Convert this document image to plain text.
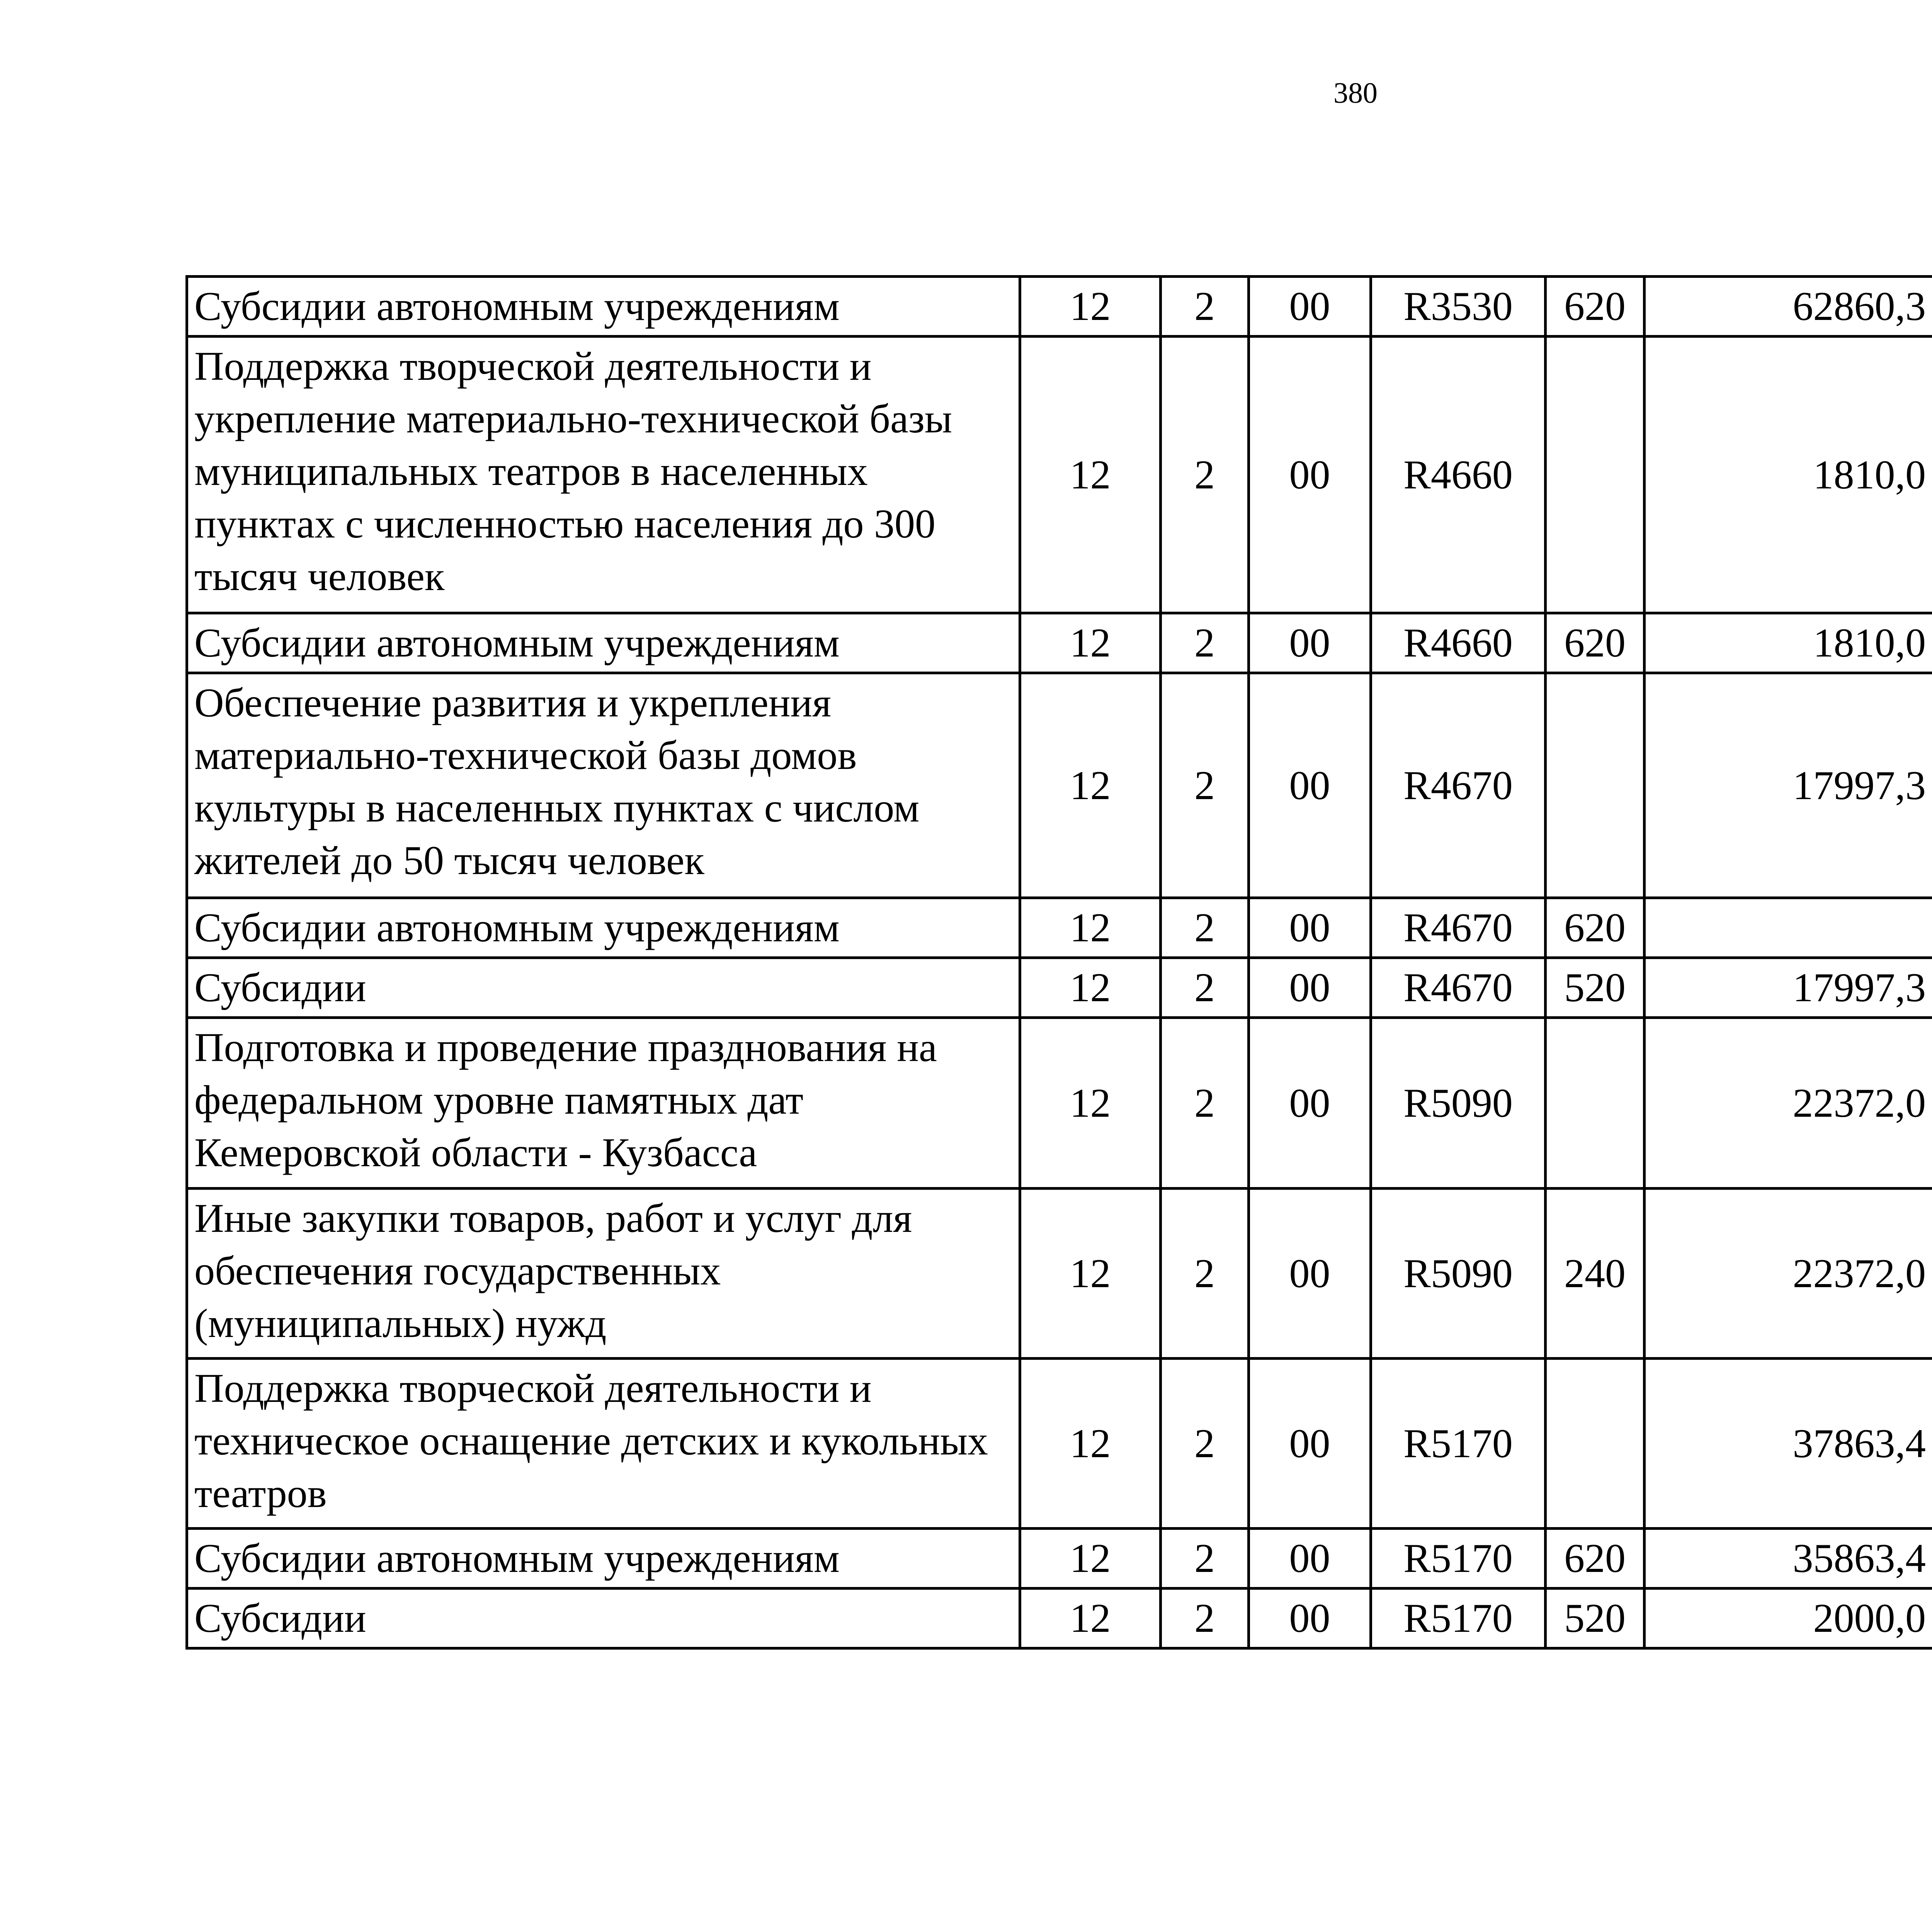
380
Субсидии автономным учреждениям	12	2	00	R3530	620	62860,3		
Поддержка творческой деятельности и укрепление материально-технической базы муниципальных театров в населенных пунктах с численностью населения до 300 тысяч человек	12	2	00	R4660		1810,0		
Субсидии автономным учреждениям	12	2	00	R4660	620	1810,0		
Обеспечение развития и укрепления материально-технической базы домов культуры в населенных пунктах с числом жителей до 50 тысяч человек	12	2	00	R4670		17997,3		
Субсидии автономным учреждениям	12	2	00	R4670	620			
Субсидии	12	2	00	R4670	520	17997,3		
Подготовка и проведение празднования на федеральном уровне памятных дат Кемеровской области - Кузбасса	12	2	00	R5090		22372,0		
Иные закупки товаров, работ и услуг для обеспечения государственных (муниципальных) нужд	12	2	00	R5090	240	22372,0		
Поддержка творческой деятельности и техническое оснащение детских и кукольных театров	12	2	00	R5170		37863,4		
Субсидии автономным учреждениям	12	2	00	R5170	620	35863,4		
Субсидии	12	2	00	R5170	520	2000,0		
